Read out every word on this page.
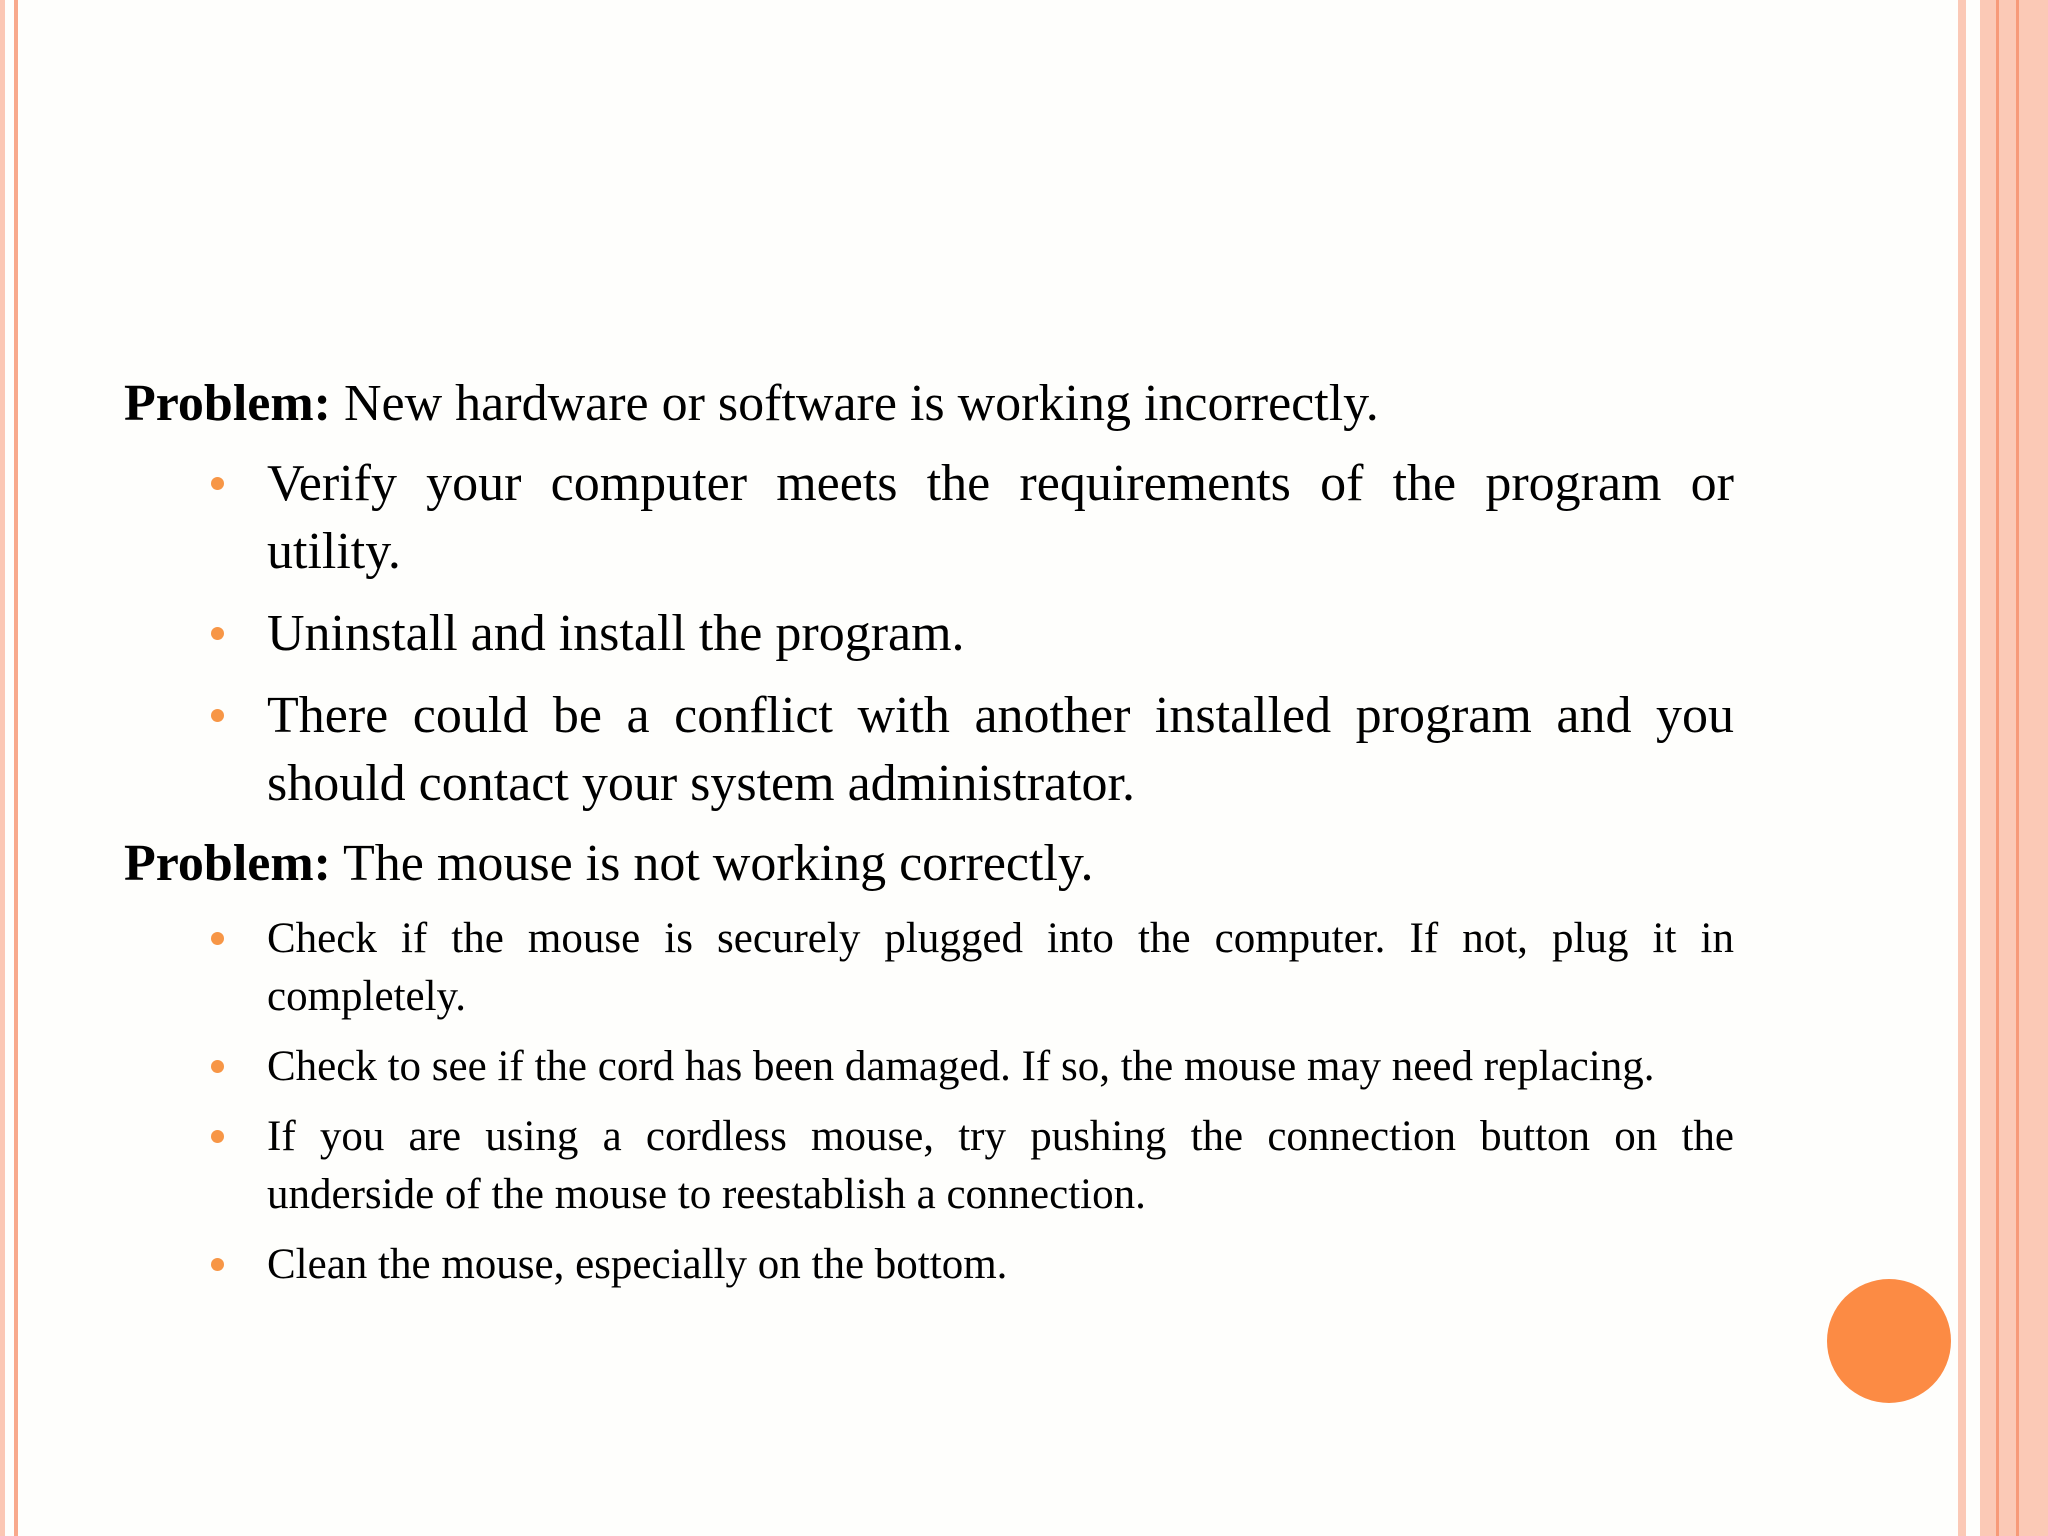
Problem: New hardware or software is working incorrectly.
Verify your computer meets the requirements of the program or utility.
Uninstall and install the program.
There could be a conflict with another installed program and you should contact your system administrator.
Problem: The mouse is not working correctly.
Check if the mouse is securely plugged into the computer. If not, plug it in completely.
Check to see if the cord has been damaged. If so, the mouse may need replacing.
If you are using a cordless mouse, try pushing the connection button on the underside of the mouse to reestablish a connection.
Clean the mouse, especially on the bottom.
